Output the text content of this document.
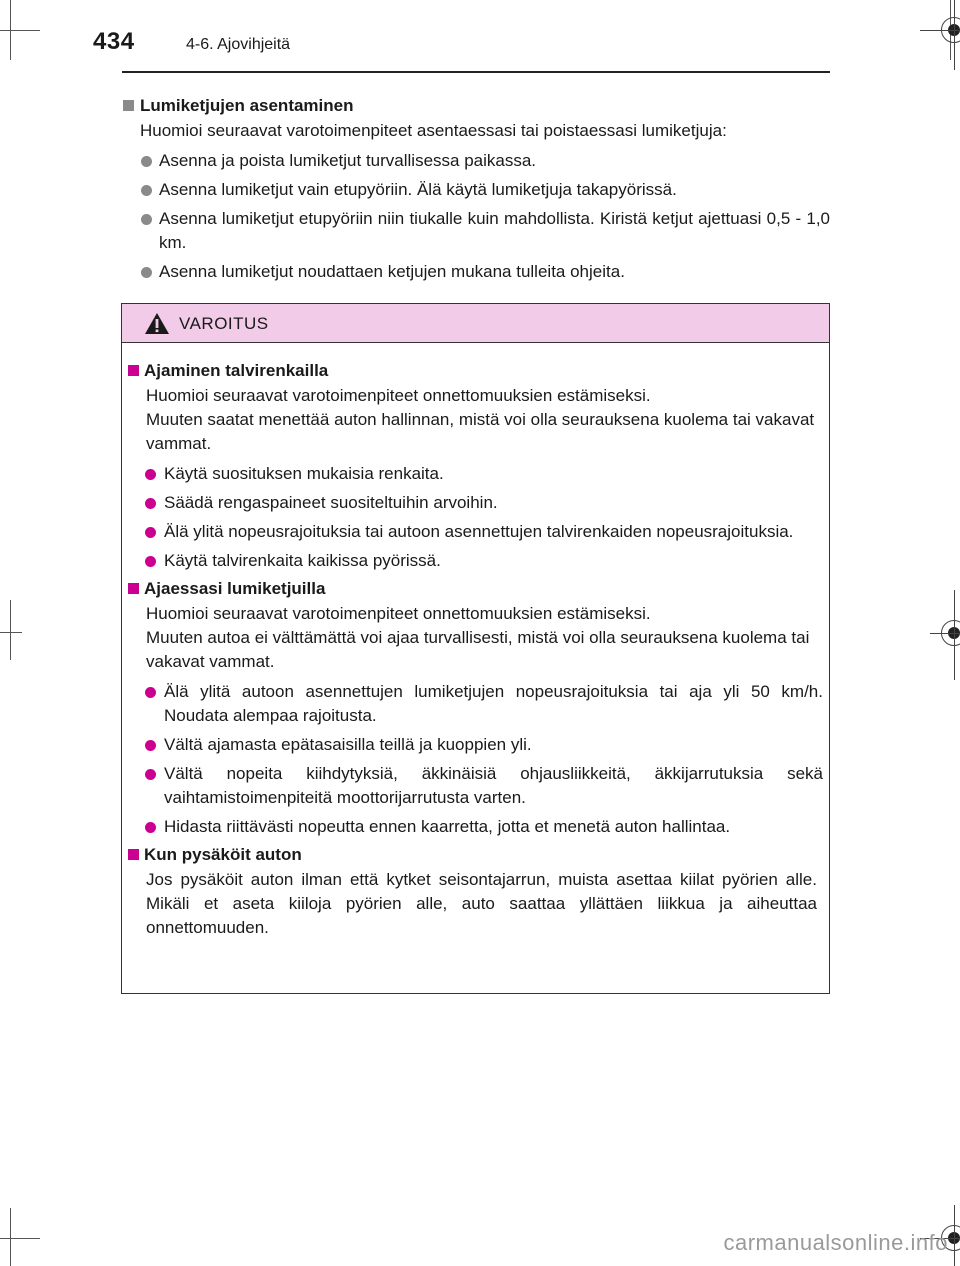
434	4-6. Ajovihjeitä
Lumiketjujen asentaminen

Huomioi seuraavat varotoimenpiteet asentaessasi tai poistaessasi lumiketjuja:

Asenna ja poista lumiketjut turvallisessa paikassa.
Asenna lumiketjut vain etupyöriin. Älä käytä lumiketjuja takapyörissä.
Asenna lumiketjut etupyöriin niin tiukalle kuin mahdollista. Kiristä ketjut ajettuasi 0,5 - 1,0 km.
Asenna lumiketjut noudattaen ketjujen mukana tulleita ohjeita.
VAROITUS
Ajaminen talvirenkailla

Huomioi seuraavat varotoimenpiteet onnettomuuksien estämiseksi.
Muuten saatat menettää auton hallinnan, mistä voi olla seurauksena kuolema tai vakavat vammat.

Käytä suosituksen mukaisia renkaita.
Säädä rengaspaineet suositeltuihin arvoihin.
Älä ylitä nopeusrajoituksia tai autoon asennettujen talvirenkaiden nopeusrajoituksia.
Käytä talvirenkaita kaikissa pyörissä.
Ajaessasi lumiketjuilla

Huomioi seuraavat varotoimenpiteet onnettomuuksien estämiseksi.
Muuten autoa ei välttämättä voi ajaa turvallisesti, mistä voi olla seurauksena kuolema tai vakavat vammat.

Älä ylitä autoon asennettujen lumiketjujen nopeusrajoituksia tai aja yli 50 km/h. Noudata alempaa rajoitusta.
Vältä ajamasta epätasaisilla teillä ja kuoppien yli.
Vältä nopeita kiihdytyksiä, äkkinäisiä ohjausliikkeitä, äkkijarrutuksia sekä vaihtamistoimenpiteitä moottorijarrutusta varten.
Hidasta riittävästi nopeutta ennen kaarretta, jotta et menetä auton hallintaa.
Kun pysäköit auton

Jos pysäköit auton ilman että kytket seisontajarrun, muista asettaa kiilat pyörien alle. Mikäli et aseta kiiloja pyörien alle, auto saattaa yllättäen liikkua ja aiheuttaa onnettomuuden.

carmanualsonline.info
